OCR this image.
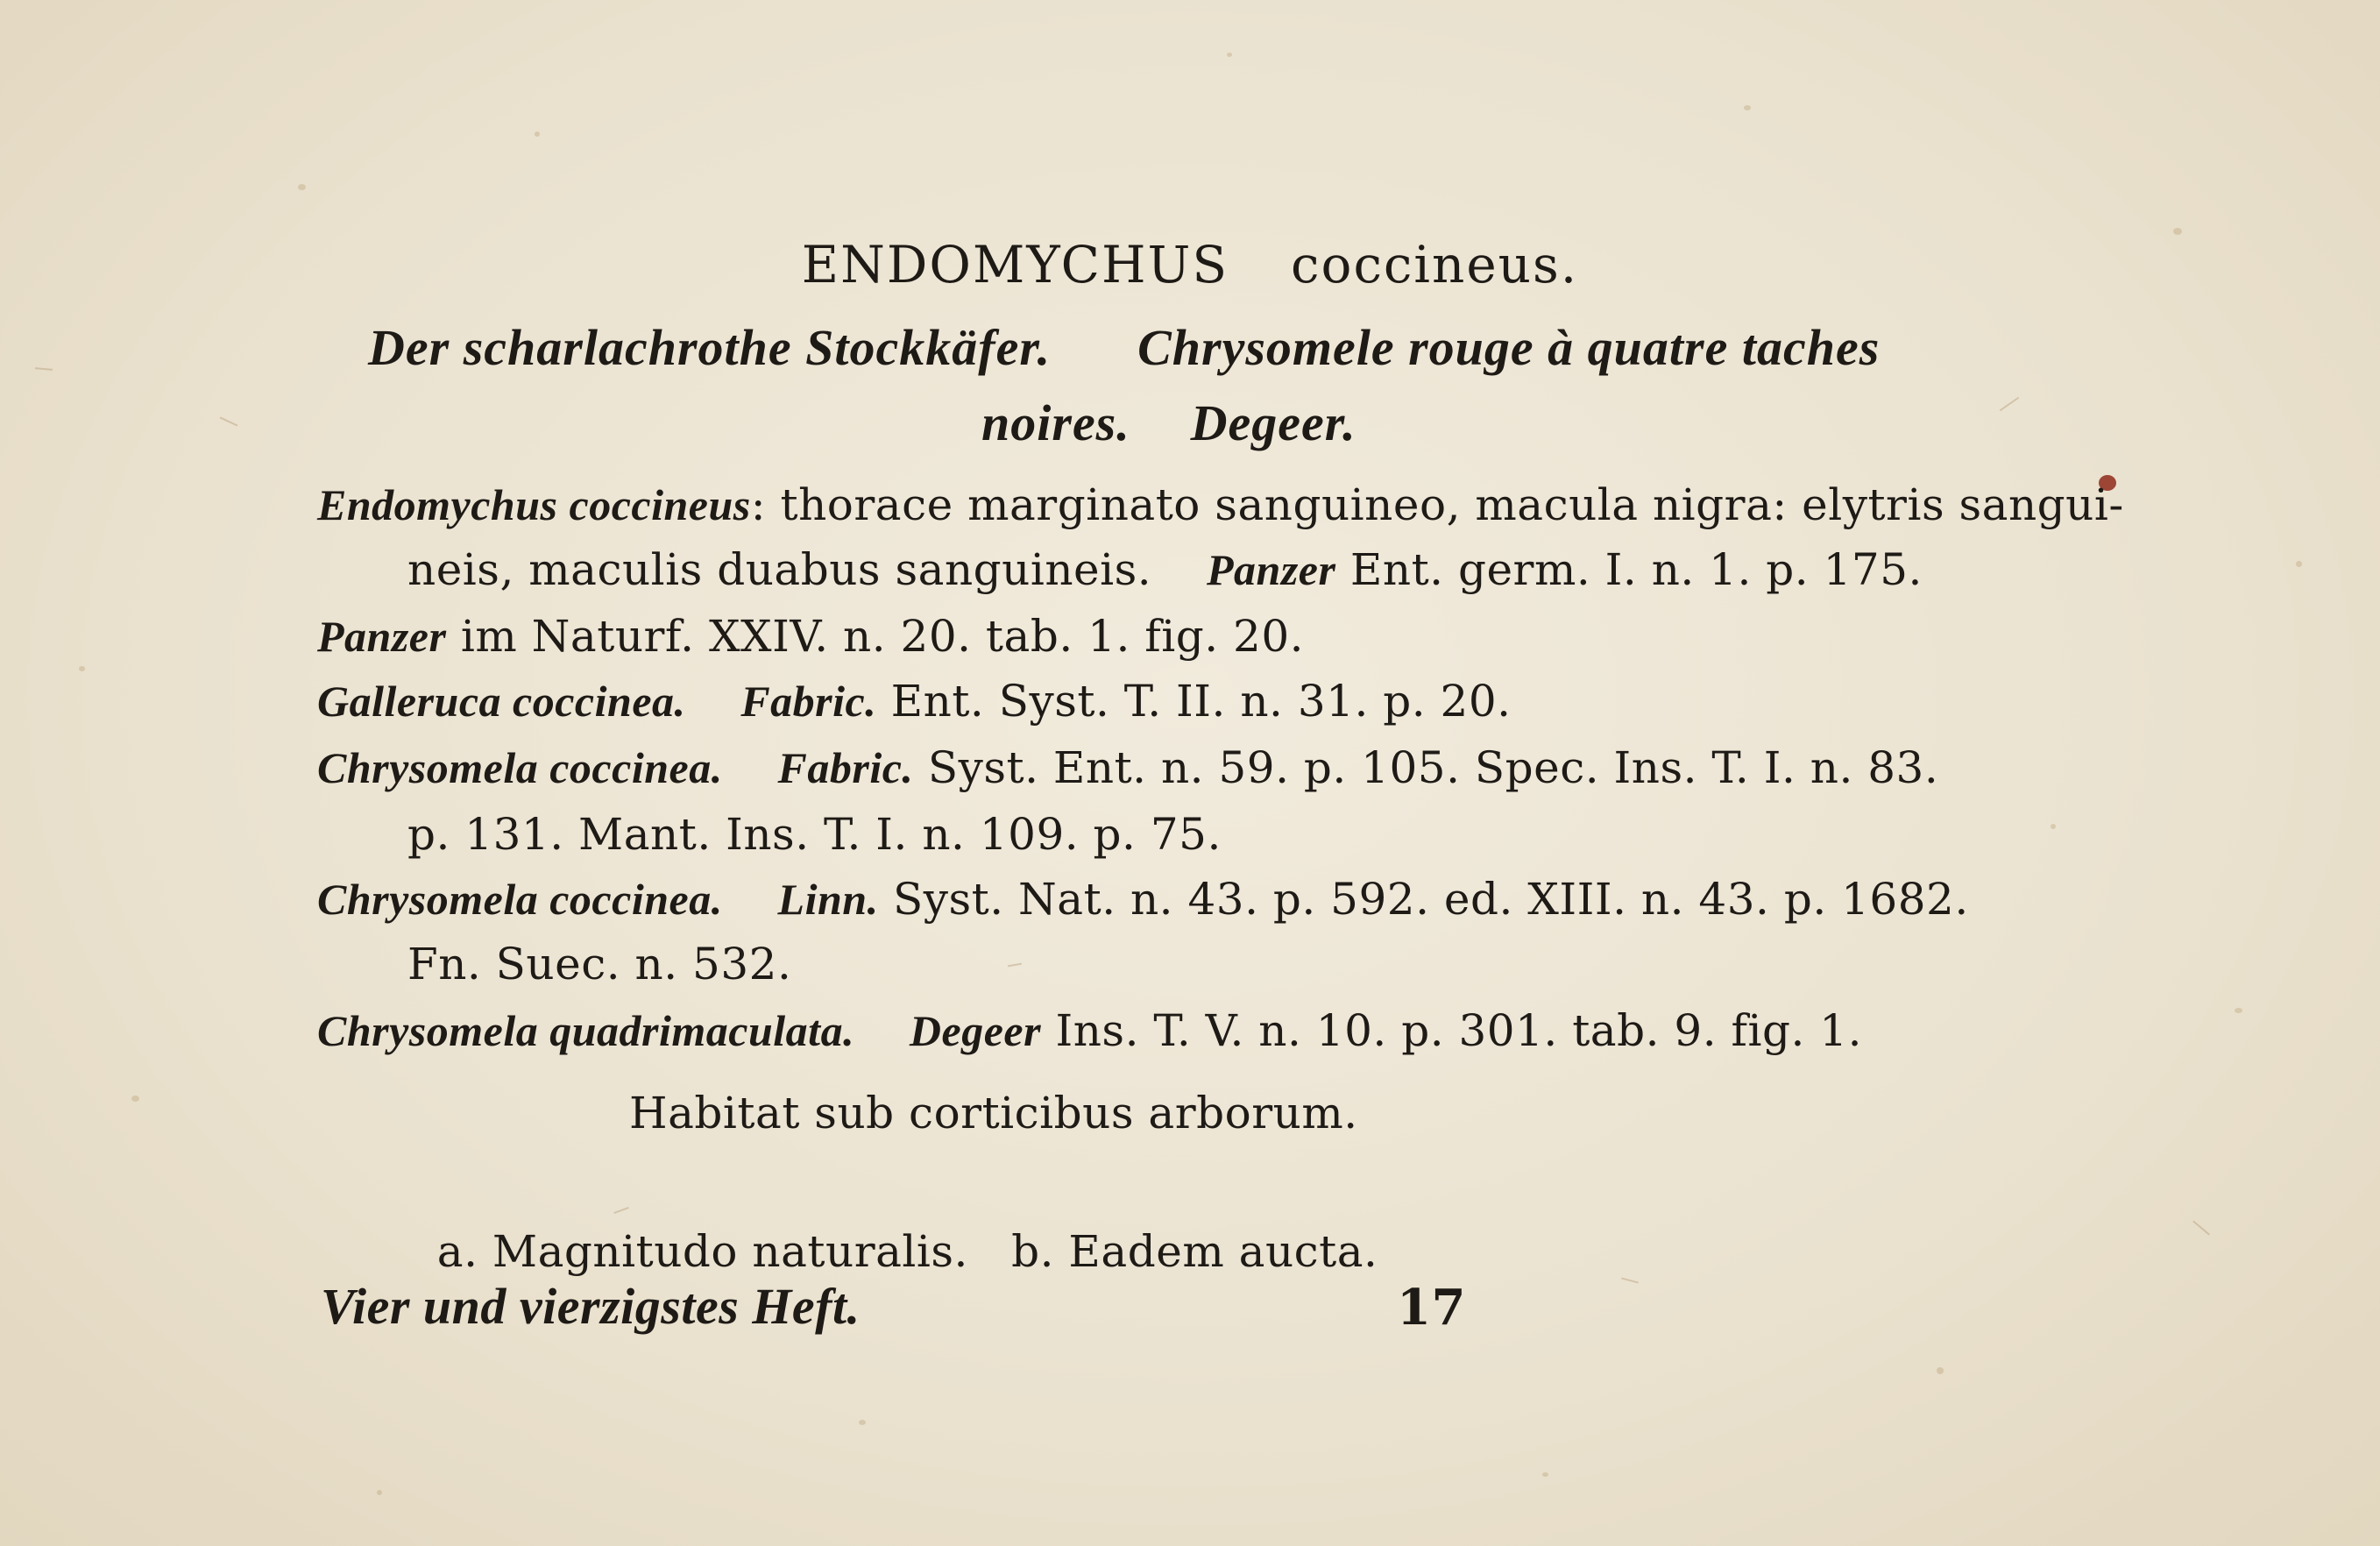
ENDOMYCHUS coccineus.
Der scharlachrothe Stockkäfer. Chrysomele rouge à quatre taches
noires. Degeer.
Endomychus coccineus: thorace marginato sanguineo, macula nigra: elytris sangui-
neis, maculis duabus sanguineis. Panzer Ent. germ. I. n. 1. p. 175.
Panzer im Naturf. XXIV. n. 20. tab. 1. fig. 20.
Galleruca coccinea. Fabric. Ent. Syst. T. II. n. 31. p. 20.
Chrysomela coccinea. Fabric. Syst. Ent. n. 59. p. 105. Spec. Ins. T. I. n. 83.
p. 131. Mant. Ins. T. I. n. 109. p. 75.
Chrysomela coccinea. Linn. Syst. Nat. n. 43. p. 592. ed. XIII. n. 43. p. 1682.
Fn. Suec. n. 532.
Chrysomela quadrimaculata. Degeer Ins. T. V. n. 10. p. 301. tab. 9. fig. 1.
Habitat sub corticibus arborum.

a. Magnitudo naturalis.   b. Eadem aucta.

Vier und vierzigstes Heft.	17
